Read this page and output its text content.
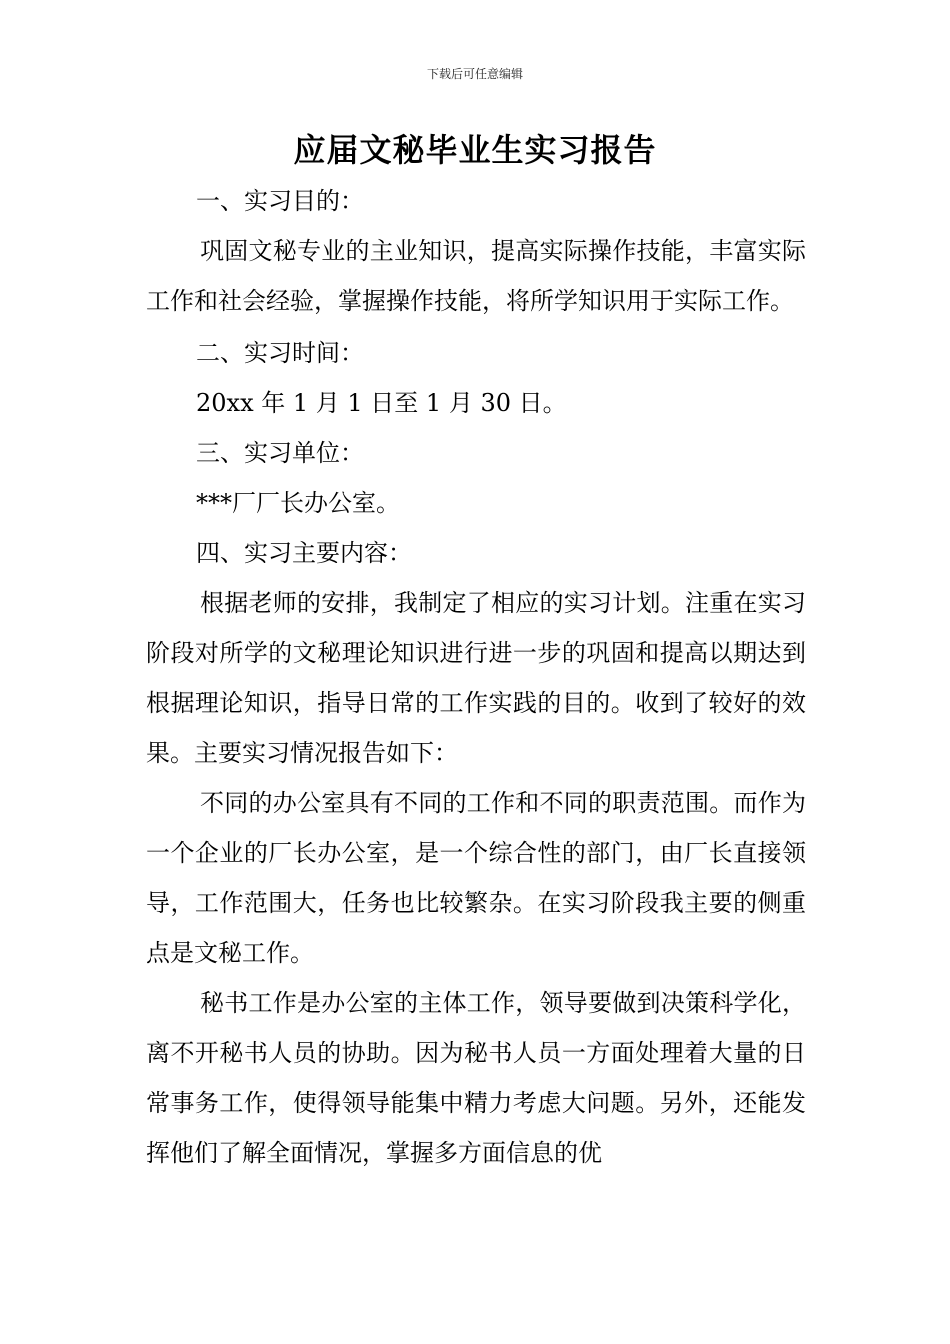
下载后可任意编辑
应届文秘毕业生实习报告

一、实习目的：

巩固文秘专业的主业知识，提高实际操作技能，丰富实际工作和社会经验，掌握操作技能，将所学知识用于实际工作。

二、实习时间：

20xx 年 1 月 1 日至 1 月 30 日。

三、实习单位：

***厂厂长办公室。

四、实习主要内容：

根据老师的安排，我制定了相应的实习计划。注重在实习阶段对所学的文秘理论知识进行进一步的巩固和提高以期达到根据理论知识，指导日常的工作实践的目的。收到了较好的效果。主要实习情况报告如下：

不同的办公室具有不同的工作和不同的职责范围。而作为一个企业的厂长办公室，是一个综合性的部门，由厂长直接领导，工作范围大，任务也比较繁杂。在实习阶段我主要的侧重点是文秘工作。

秘书工作是办公室的主体工作，领导要做到决策科学化，离不开秘书人员的协助。因为秘书人员一方面处理着大量的日常事务工作，使得领导能集中精力考虑大问题。另外，还能发挥他们了解全面情况，掌握多方面信息的优
